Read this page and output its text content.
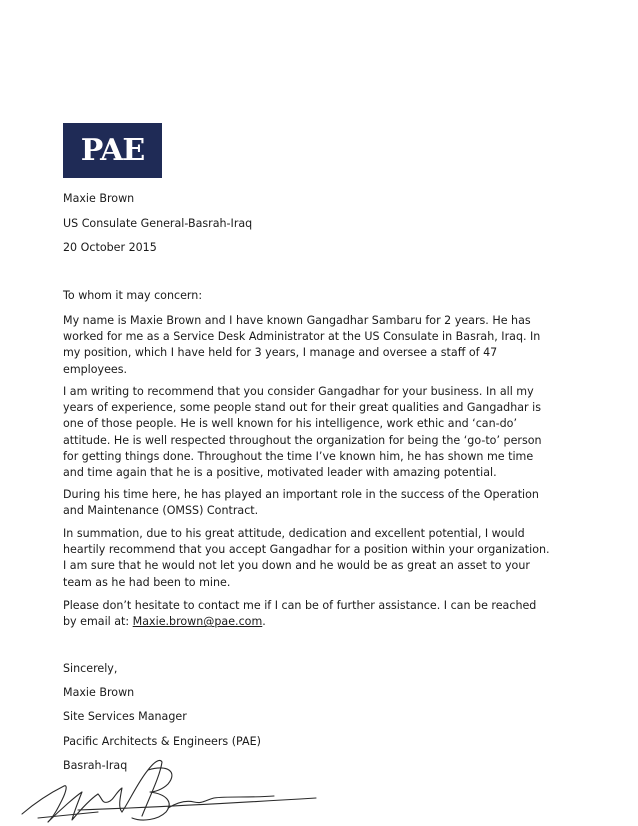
PAE
Maxie Brown
US Consulate General-Basrah-Iraq
20 October 2015
To whom it may concern:
My name is Maxie Brown and I have known Gangadhar Sambaru for 2 years. He has
worked for me as a Service Desk Administrator at the US Consulate in Basrah, Iraq. In
my position, which I have held for 3 years, I manage and oversee a staff of 47
employees.
I am writing to recommend that you consider Gangadhar for your business. In all my
years of experience, some people stand out for their great qualities and Gangadhar is
one of those people. He is well known for his intelligence, work ethic and ‘can-do’
attitude. He is well respected throughout the organization for being the ‘go-to’ person
for getting things done. Throughout the time I’ve known him, he has shown me time
and time again that he is a positive, motivated leader with amazing potential.
During his time here, he has played an important role in the success of the Operation
and Maintenance (OMSS) Contract.
In summation, due to his great attitude, dedication and excellent potential, I would
heartily recommend that you accept Gangadhar for a position within your organization.
I am sure that he would not let you down and he would be as great an asset to your
team as he had been to mine.
Please don’t hesitate to contact me if I can be of further assistance. I can be reached
by email at: Maxie.brown@pae.com.
Sincerely,
Maxie Brown
Site Services Manager
Pacific Architects & Engineers (PAE)
Basrah-Iraq
